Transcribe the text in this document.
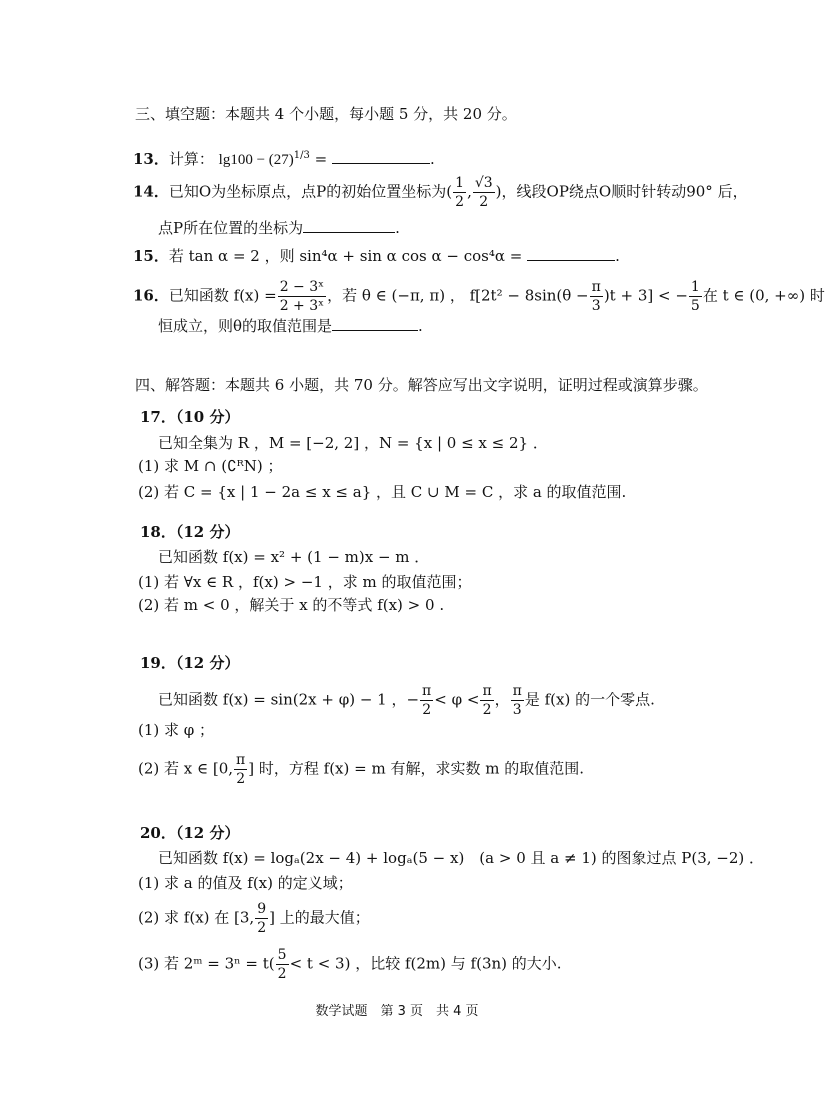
三、填空题：本题共 4 个小题，每小题 5 分，共 20 分。
13．计算： $\lg 100 - (27)^{1/3}$ =	.
14．已知O为坐标原点，点P的初始位置坐标为( $\frac{1}{2}$ , $\frac{√3}{2}$ )，线段OP绕点O顺时针转动90° 后，
点P所在位置的坐标为	.
15．若 tan α = 2 ，则 sin⁴α + sin α cos α − cos⁴α =	.
16．已知函数 $f(x) = \frac{\text{2 − 3ˣ}}{\text{2 + 3ˣ}}$ ，若 θ ∈ (−π, π) ， $f[2t^2 - 8\sin(\theta - \frac{\pi}{3} )t + 3]$ < − $\frac{1}{5}$ 在 t ∈ (0, +∞) 时
恒成立，则θ的取值范围是	.
四、解答题：本题共 6 小题，共 70 分。解答应写出文字说明，证明过程或演算步骤。
17．（10 分）
已知全集为 R ，M = [−2, 2] ，N = {x | 0 ≤ x ≤ 2} ．
(1) 求 M ∩ (∁ᴿN) ；
(2) 若 C = {x | 1 − 2a ≤ x ≤ a} ，且 C ∪ M = C ，求 a 的取值范围.
18．（12 分）
已知函数 f(x) = x² + (1 − m)x − m ．
(1) 若 ∀x ∈ R ，f(x) > −1 ，求 m 的取值范围；
(2) 若 m < 0 ，解关于 x 的不等式 f(x) > 0 .
19．（12 分）
已知函数 f(x) = sin(2x + φ) − 1 ，− $\frac{\pi}{2} < \varphi < \frac{\pi}{2}$ ， $\frac{\pi}{3}$ 是 f(x) 的一个零点.
(1) 求 φ ；
(2) 若 x ∈ [0, $\frac{\pi}{2}$ ] 时，方程 f(x) = m 有解，求实数 m 的取值范围.
20．（12 分）
已知函数 f(x) = logₐ(2x − 4) + logₐ(5 − x)　(a > 0 且 a ≠ 1) 的图象过点 P(3, −2) ．
(1) 求 a 的值及 f(x) 的定义域；
(2) 求 f(x) 在 [3, $\frac{9}{2}$ ] 上的最大值；
(3) 若 2ᵐ = $3^n = t( \frac{5}{2} < t < 3)$ ，比较 f(2m) 与 f(3n) 的大小.
数学试题　第 3 页　共 4 页
